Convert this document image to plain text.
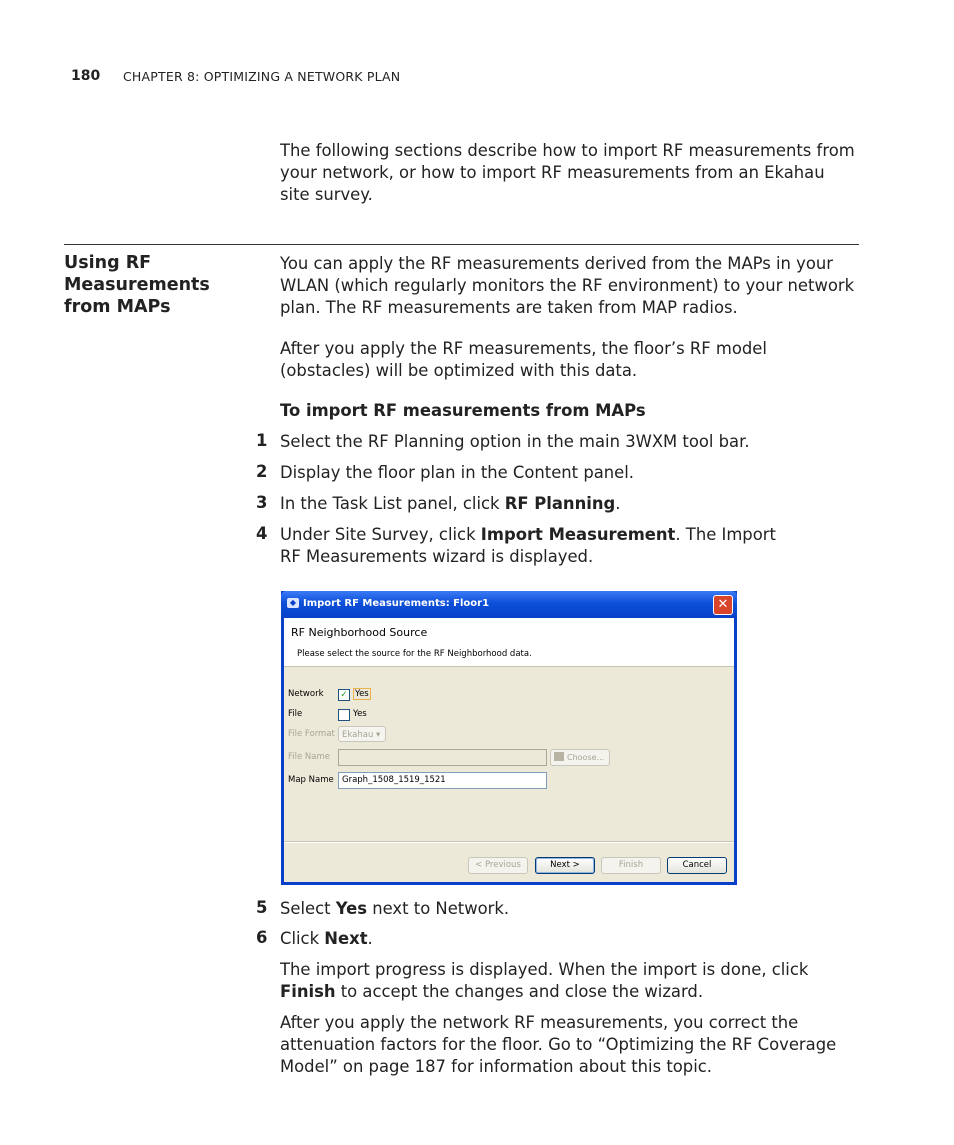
180 CHAPTER 8: OPTIMIZING A NETWORK PLAN
The following sections describe how to import RF measurements from your network, or how to import RF measurements from an Ekahau site survey.
Using RF Measurements from MAPs
You can apply the RF measurements derived from the MAPs in your WLAN (which regularly monitors the RF environment) to your network plan. The RF measurements are taken from MAP radios.
After you apply the RF measurements, the floor’s RF model (obstacles) will be optimized with this data.
To import RF measurements from MAPs
1 Select the RF Planning option in the main 3WXM tool bar.
2 Display the floor plan in the Content panel.
3 In the Task List panel, click RF Planning.
4 Under Site Survey, click Import Measurement. The Import RF Measurements wizard is displayed.
◆ Import RF Measurements: Floor1	✕
RF Neighborhood Source
Please select the source for the RF Neighborhood data.
Network ✓ Yes
File	Yes
File Format Ekahau ▾
File Name	Choose...
Map Name Graph_1508_1519_1521
< Previous	Next >	Finish	Cancel
5 Select Yes next to Network.
6 Click Next.
The import progress is displayed. When the import is done, click Finish to accept the changes and close the wizard.
After you apply the network RF measurements, you correct the attenuation factors for the floor. Go to “Optimizing the RF Coverage Model” on page 187 for information about this topic.
